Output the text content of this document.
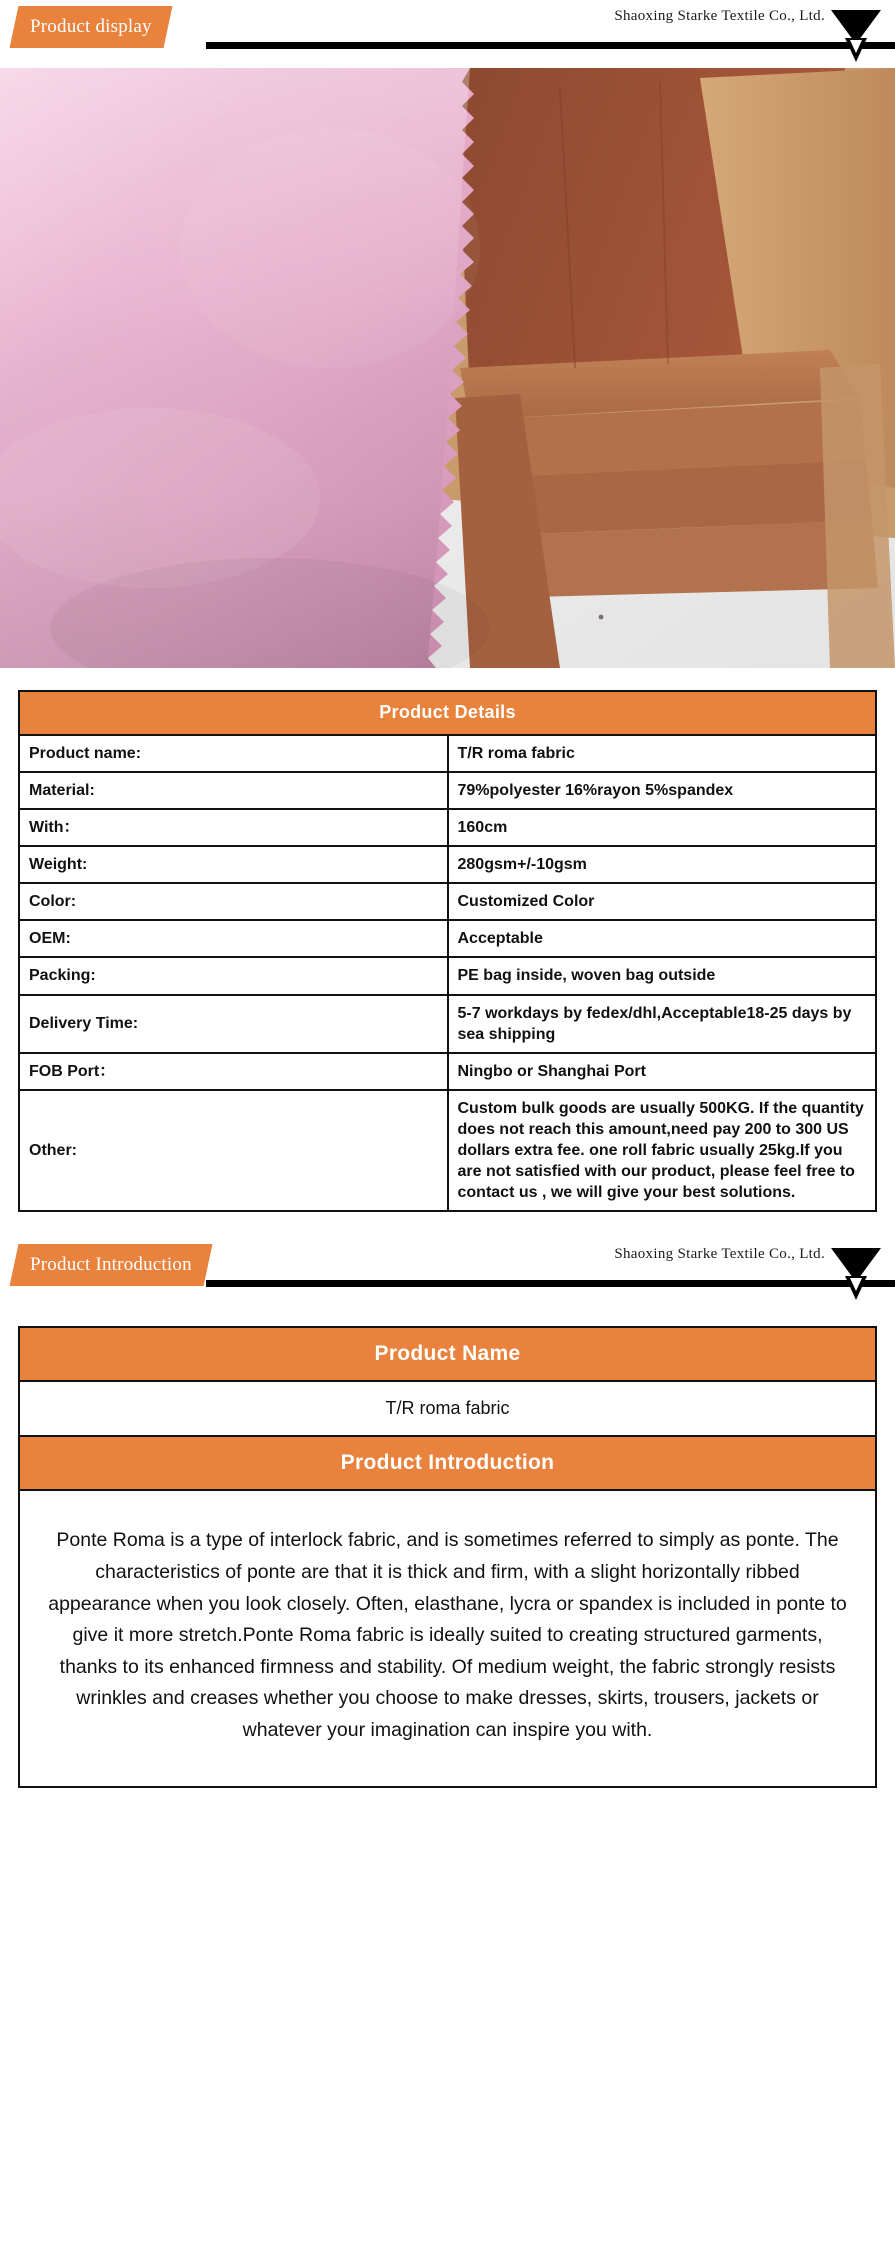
Product display	Shaoxing Starke Textile Co., Ltd.
Product Details	
Product name:	T/R roma fabric
Material:	79%polyester 16%rayon 5%spandex
With：	160cm
Weight:	280gsm+/-10gsm
Color:	Customized Color
OEM:	Acceptable
Packing:	PE bag inside, woven bag outside
Delivery Time:	5-7 workdays by fedex/dhl,Acceptable18-25 days by sea shipping
FOB Port：	Ningbo or Shanghai Port
Other:	Custom bulk goods are usually 500KG. If the quantity does not reach this amount,need pay 200 to 300 US dollars extra fee. one roll fabric usually 25kg.If you are not satisfied with our product, please feel free to contact us , we will give your best solutions.
Product Introduction	Shaoxing Starke Textile Co., Ltd.
Product Name
T/R roma fabric
Product Introduction
Ponte Roma is a type of interlock fabric, and is sometimes referred to simply as ponte. The characteristics of ponte are that it is thick and firm, with a slight horizontally ribbed appearance when you look closely. Often, elasthane, lycra or spandex is included in ponte to give it more stretch.Ponte Roma fabric is ideally suited to creating structured garments, thanks to its enhanced firmness and stability. Of medium weight, the fabric strongly resists wrinkles and creases whether you choose to make dresses, skirts, trousers, jackets or whatever your imagination can inspire you with.
